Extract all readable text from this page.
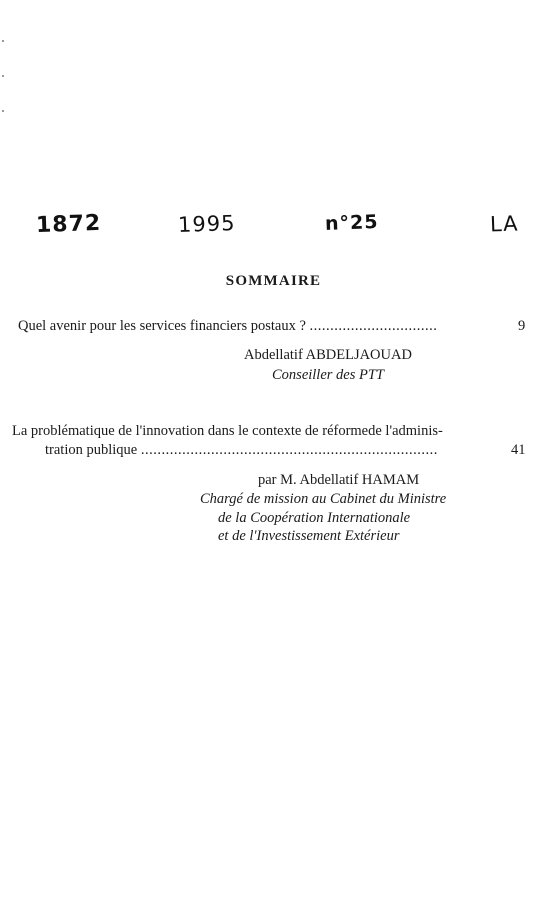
1872	1995	n°25	LA
SOMMAIRE
Quel avenir pour les services financiers postaux ? ...............................	9
Abdellatif ABDELJAOUAD
Conseiller des PTT
La problématique de l'innovation dans le contexte de réformede l'adminis-
tration publique ........................................................................	41
par M. Abdellatif HAMAM
Chargé de mission au Cabinet du Ministre
de la Coopération Internationale
et de l'Investissement Extérieur
